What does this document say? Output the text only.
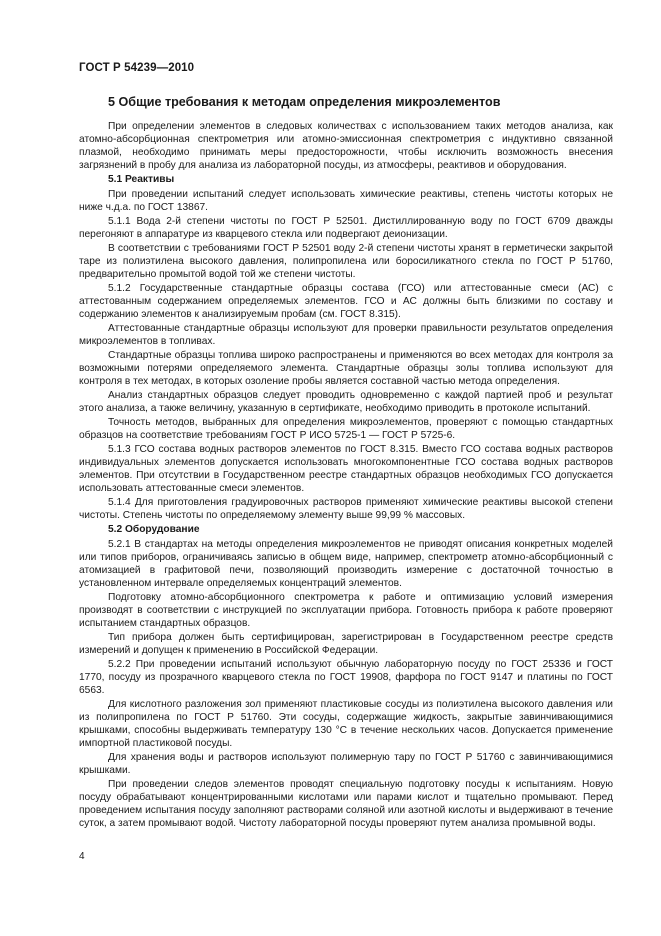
ГОСТ Р 54239—2010
5 Общие требования к методам определения микроэлементов

При определении элементов в следовых количествах с использованием таких методов анализа, как атомно-абсорбционная спектрометрия или атомно-эмиссионная спектрометрия с индуктивно связанной плазмой, необходимо принимать меры предосторожности, чтобы исключить возможность внесения загрязнений в пробу для анализа из лабораторной посуды, из атмосферы, реактивов и оборудования.

5.1 Реактивы

При проведении испытаний следует использовать химические реактивы, степень чистоты которых не ниже ч.д.а. по ГОСТ 13867.

5.1.1 Вода 2-й степени чистоты по ГОСТ Р 52501. Дистиллированную воду по ГОСТ 6709 дважды перегоняют в аппаратуре из кварцевого стекла или подвергают деионизации.

В соответствии с требованиями ГОСТ Р 52501 воду 2-й степени чистоты хранят в герметически закрытой таре из полиэтилена высокого давления, полипропилена или боросиликатного стекла по ГОСТ Р 51760, предварительно промытой водой той же степени чистоты.

5.1.2 Государственные стандартные образцы состава (ГСО) или аттестованные смеси (АС) с аттестованным содержанием определяемых элементов. ГСО и АС должны быть близкими по составу и содержанию элементов к анализируемым пробам (см. ГОСТ 8.315).

Аттестованные стандартные образцы используют для проверки правильности результатов определения микроэлементов в топливах.

Стандартные образцы топлива широко распространены и применяются во всех методах для контроля за возможными потерями определяемого элемента. Стандартные образцы золы топлива используют для контроля в тех методах, в которых озоление пробы является составной частью метода определения.

Анализ стандартных образцов следует проводить одновременно с каждой партией проб и результат этого анализа, а также величину, указанную в сертификате, необходимо приводить в протоколе испытаний.

Точность методов, выбранных для определения микроэлементов, проверяют с помощью стандартных образцов на соответствие требованиям ГОСТ Р ИСО 5725-1 — ГОСТ Р 5725-6.

5.1.3 ГСО состава водных растворов элементов по ГОСТ 8.315. Вместо ГСО состава водных растворов индивидуальных элементов допускается использовать многокомпонентные ГСО состава водных растворов элементов. При отсутствии в Государственном реестре стандартных образцов необходимых ГСО допускается использовать аттестованные смеси элементов.

5.1.4 Для приготовления градуировочных растворов применяют химические реактивы высокой степени чистоты. Степень чистоты по определяемому элементу выше 99,99 % массовых.

5.2 Оборудование

5.2.1 В стандартах на методы определения микроэлементов не приводят описания конкретных моделей или типов приборов, ограничиваясь записью в общем виде, например, спектрометр атомно-абсорбционный с атомизацией в графитовой печи, позволяющий производить измерение с достаточной точностью в установленном интервале определяемых концентраций элементов.

Подготовку атомно-абсорбционного спектрометра к работе и оптимизацию условий измерения производят в соответствии с инструкцией по эксплуатации прибора. Готовность прибора к работе проверяют испытанием стандартных образцов.

Тип прибора должен быть сертифицирован, зарегистрирован в Государственном реестре средств измерений и допущен к применению в Российской Федерации.

5.2.2 При проведении испытаний используют обычную лабораторную посуду по ГОСТ 25336 и ГОСТ 1770, посуду из прозрачного кварцевого стекла по ГОСТ 19908, фарфора по ГОСТ 9147 и платины по ГОСТ 6563.

Для кислотного разложения зол применяют пластиковые сосуды из полиэтилена высокого давления или из полипропилена по ГОСТ Р 51760. Эти сосуды, содержащие жидкость, закрытые завинчивающимися крышками, способны выдерживать температуру 130 °С в течение нескольких часов. Допускается применение импортной пластиковой посуды.

Для хранения воды и растворов используют полимерную тару по ГОСТ Р 51760 с завинчивающимися крышками.

При проведении следов элементов проводят специальную подготовку посуды к испытаниям. Новую посуду обрабатывают концентрированными кислотами или парами кислот и тщательно промывают. Перед проведением испытания посуду заполняют растворами соляной или азотной кислоты и выдерживают в течение суток, а затем промывают водой. Чистоту лабораторной посуды проверяют путем анализа промывной воды.

4
